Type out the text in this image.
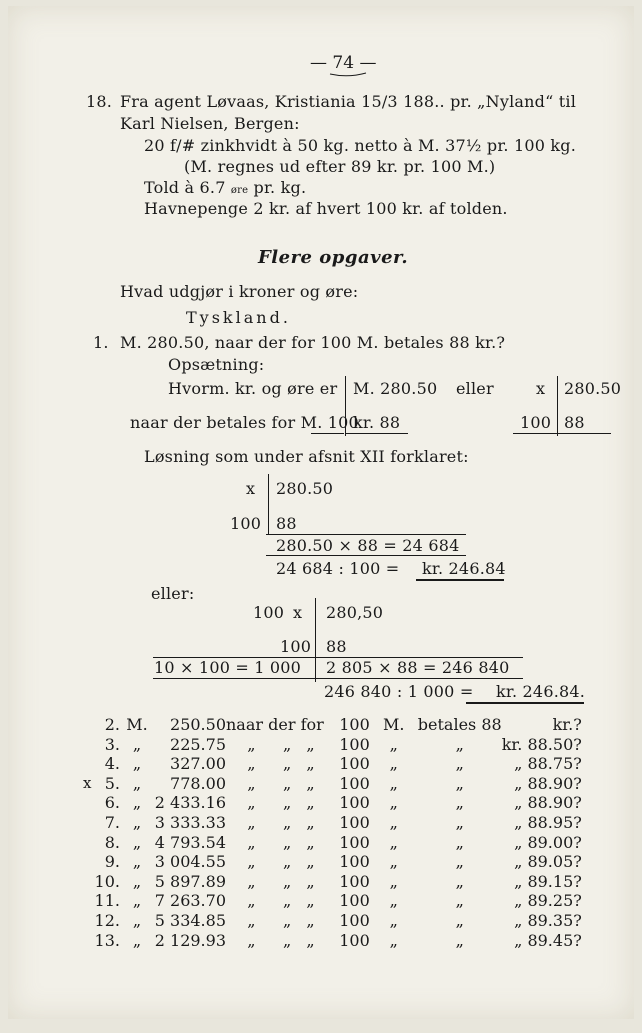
— 74 —
18. Fra agent Løvaas, Kristiania 15/3 188.. pr. „Nyland“ til
Karl Nielsen, Bergen:
20 f/# zinkhvidt à 50 kg. netto à M. 37½ pr. 100 kg.
(M. regnes ud efter 89 kr. pr. 100 M.)
Told à 6.7 øre pr. kg.
Havnepenge 2 kr. af hvert 100 kr. af tolden.
Flere opgaver.
Hvad udgjør i kroner og øre:
Tyskland.
1. M. 280.50, naar der for 100 M. betales 88 kr.?
Opsætning:
Hvorm. kr. og øre er M. 280.50 eller	x 280.50
naar der betales for M. 100
kr. 88	100 88
Løsning som under afsnit XII forklaret:
x 280.50
100 88
280.50 × 88 = 24 684
24 684 : 100 = kr. 246.84
eller:
100 x 280,50
100 88
10 × 100 = 1 000 2 805 × 88 = 246 840
246 840 : 1 000 = kr. 246.84.
x
2.	M.	250.50	naar der for			100	M.	betales 88	kr.?
3.	„	225.75	„	„	„	100	„	„	kr. 88.50?
4.	„	327.00	„	„	„	100	„	„	„ 88.75?
5.	„	778.00	„	„	„	100	„	„	„ 88.90?
6.	„	2 433.16	„	„	„	100	„	„	„ 88.90?
7.	„	3 333.33	„	„	„	100	„	„	„ 88.95?
8.	„	4 793.54	„	„	„	100	„	„	„ 89.00?
9.	„	3 004.55	„	„	„	100	„	„	„ 89.05?
10.	„	5 897.89	„	„	„	100	„	„	„ 89.15?
11.	„	7 263.70	„	„	„	100	„	„	„ 89.25?
12.	„	5 334.85	„	„	„	100	„	„	„ 89.35?
13.	„	2 129.93	„	„	„	100	„	„	„ 89.45?
